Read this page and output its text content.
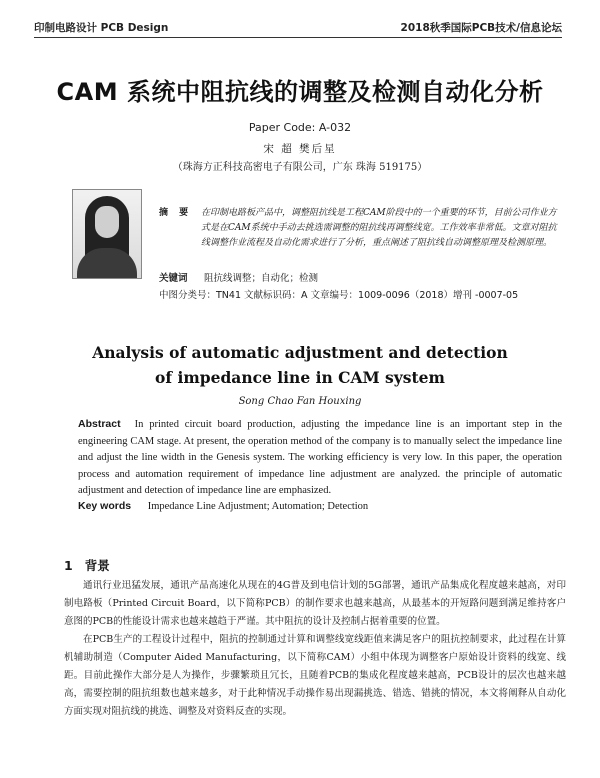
印制电路设计 PCB Design	2018秋季国际PCB技术/信息论坛
CAM 系统中阻抗线的调整及检测自动化分析
Paper Code: A-032
宋 超 樊后星
（珠海方正科技高密电子有限公司，广东 珠海 519175）
摘 要 在印制电路板产品中，调整阻抗线是工程CAM阶段中的一个重要的环节，目前公司作业方式是在CAM系统中手动去挑选需调整的阻抗线再调整线宽。工作效率非常低。文章对阻抗线调整作业流程及自动化需求进行了分析，重点阐述了阻抗线自动调整原理及检测原理。
关键词 阻抗线调整；自动化；检测
中图分类号：TN41 文献标识码：A 文章编号：1009-0096（2018）增刊 -0007-05
Analysis of automatic adjustment and detection
of impedance line in CAM system
Song Chao Fan Houxing
Abstract In printed circuit board production, adjusting the impedance line is an important step in the engineering CAM stage. At present, the operation method of the company is to manually select the impedance line and adjust the line width in the Genesis system. The working efficiency is very low. In this paper, the operation process and automation requirement of impedance line adjustment are analyzed. the principle of automatic adjustment and detection of impedance line are emphasized.
Key words Impedance Line Adjustment; Automation; Detection
1 背景

通讯行业迅猛发展，通讯产品高速化从现在的4G普及到电信计划的5G部署，通讯产品集成化程度越来越高，对印制电路板（Printed Circuit Board，以下简称PCB）的制作要求也越来越高，从最基本的开短路问题到满足维持客户意图的PCB的性能设计需求也越来越趋于严谨。其中阻抗的设计及控制占据着重要的位置。

在PCB生产的工程设计过程中，阻抗的控制通过计算和调整线宽线距值来满足客户的阻抗控制要求，此过程在计算机辅助制造（Computer Aided Manufacturing，以下简称CAM）小组中体现为调整客户原始设计资料的线宽、线距。目前此操作大部分是人为操作，步骤繁琐且冗长，且随着PCB的集成化程度越来越高，PCB设计的层次也越来越高，需要控制的阻抗组数也越来越多，对于此种情况手动操作易出现漏挑选、错选、错挑的情况，本文将阐释从自动化方面实现对阻抗线的挑选、调整及对资料反查的实现。
